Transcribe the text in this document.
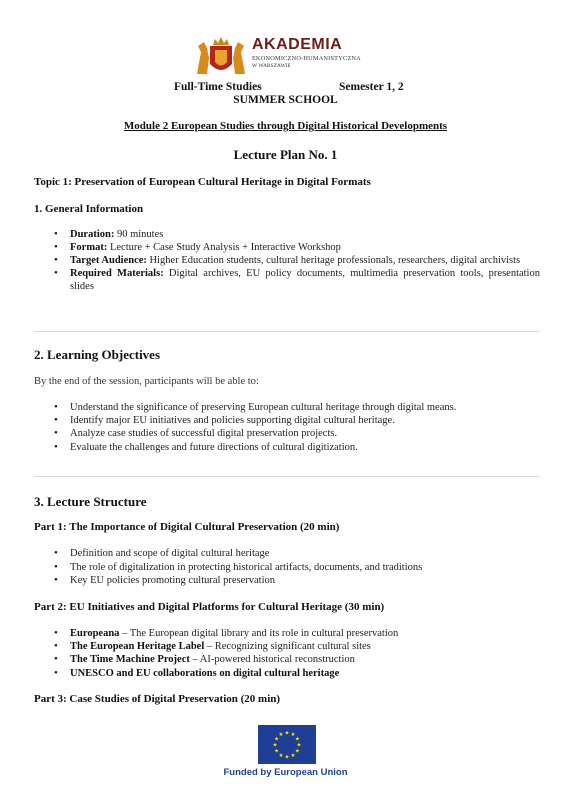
AKADEMIA
EKONOMICZNO-HUMANISTYCZNA
W WARSZAWIE
Full-Time Studies	Semester 1, 2
SUMMER SCHOOL
Module 2 European Studies through Digital Historical Developments
Lecture Plan No. 1
Topic 1: Preservation of European Cultural Heritage in Digital Formats
1. General Information
• Duration: 90 minutes
• Format: Lecture + Case Study Analysis + Interactive Workshop
• Target Audience: Higher Education students, cultural heritage professionals, researchers, digital archivists
• Required Materials: Digital archives, EU policy documents, multimedia preservation tools, presentation slides
2. Learning Objectives
By the end of the session, participants will be able to:
• Understand the significance of preserving European cultural heritage through digital means.
• Identify major EU initiatives and policies supporting digital cultural heritage.
• Analyze case studies of successful digital preservation projects.
• Evaluate the challenges and future directions of cultural digitization.
3. Lecture Structure
Part 1: The Importance of Digital Cultural Preservation (20 min)
• Definition and scope of digital cultural heritage
• The role of digitalization in protecting historical artifacts, documents, and traditions
• Key EU policies promoting cultural preservation
Part 2: EU Initiatives and Digital Platforms for Cultural Heritage (30 min)
• Europeana – The European digital library and its role in cultural preservation
• The European Heritage Label – Recognizing significant cultural sites
• The Time Machine Project – AI-powered historical reconstruction
• UNESCO and EU collaborations on digital cultural heritage
Part 3: Case Studies of Digital Preservation (20 min)
★ ★
★
★
★
★
★
★
★
★
★
★
Funded by European Union
